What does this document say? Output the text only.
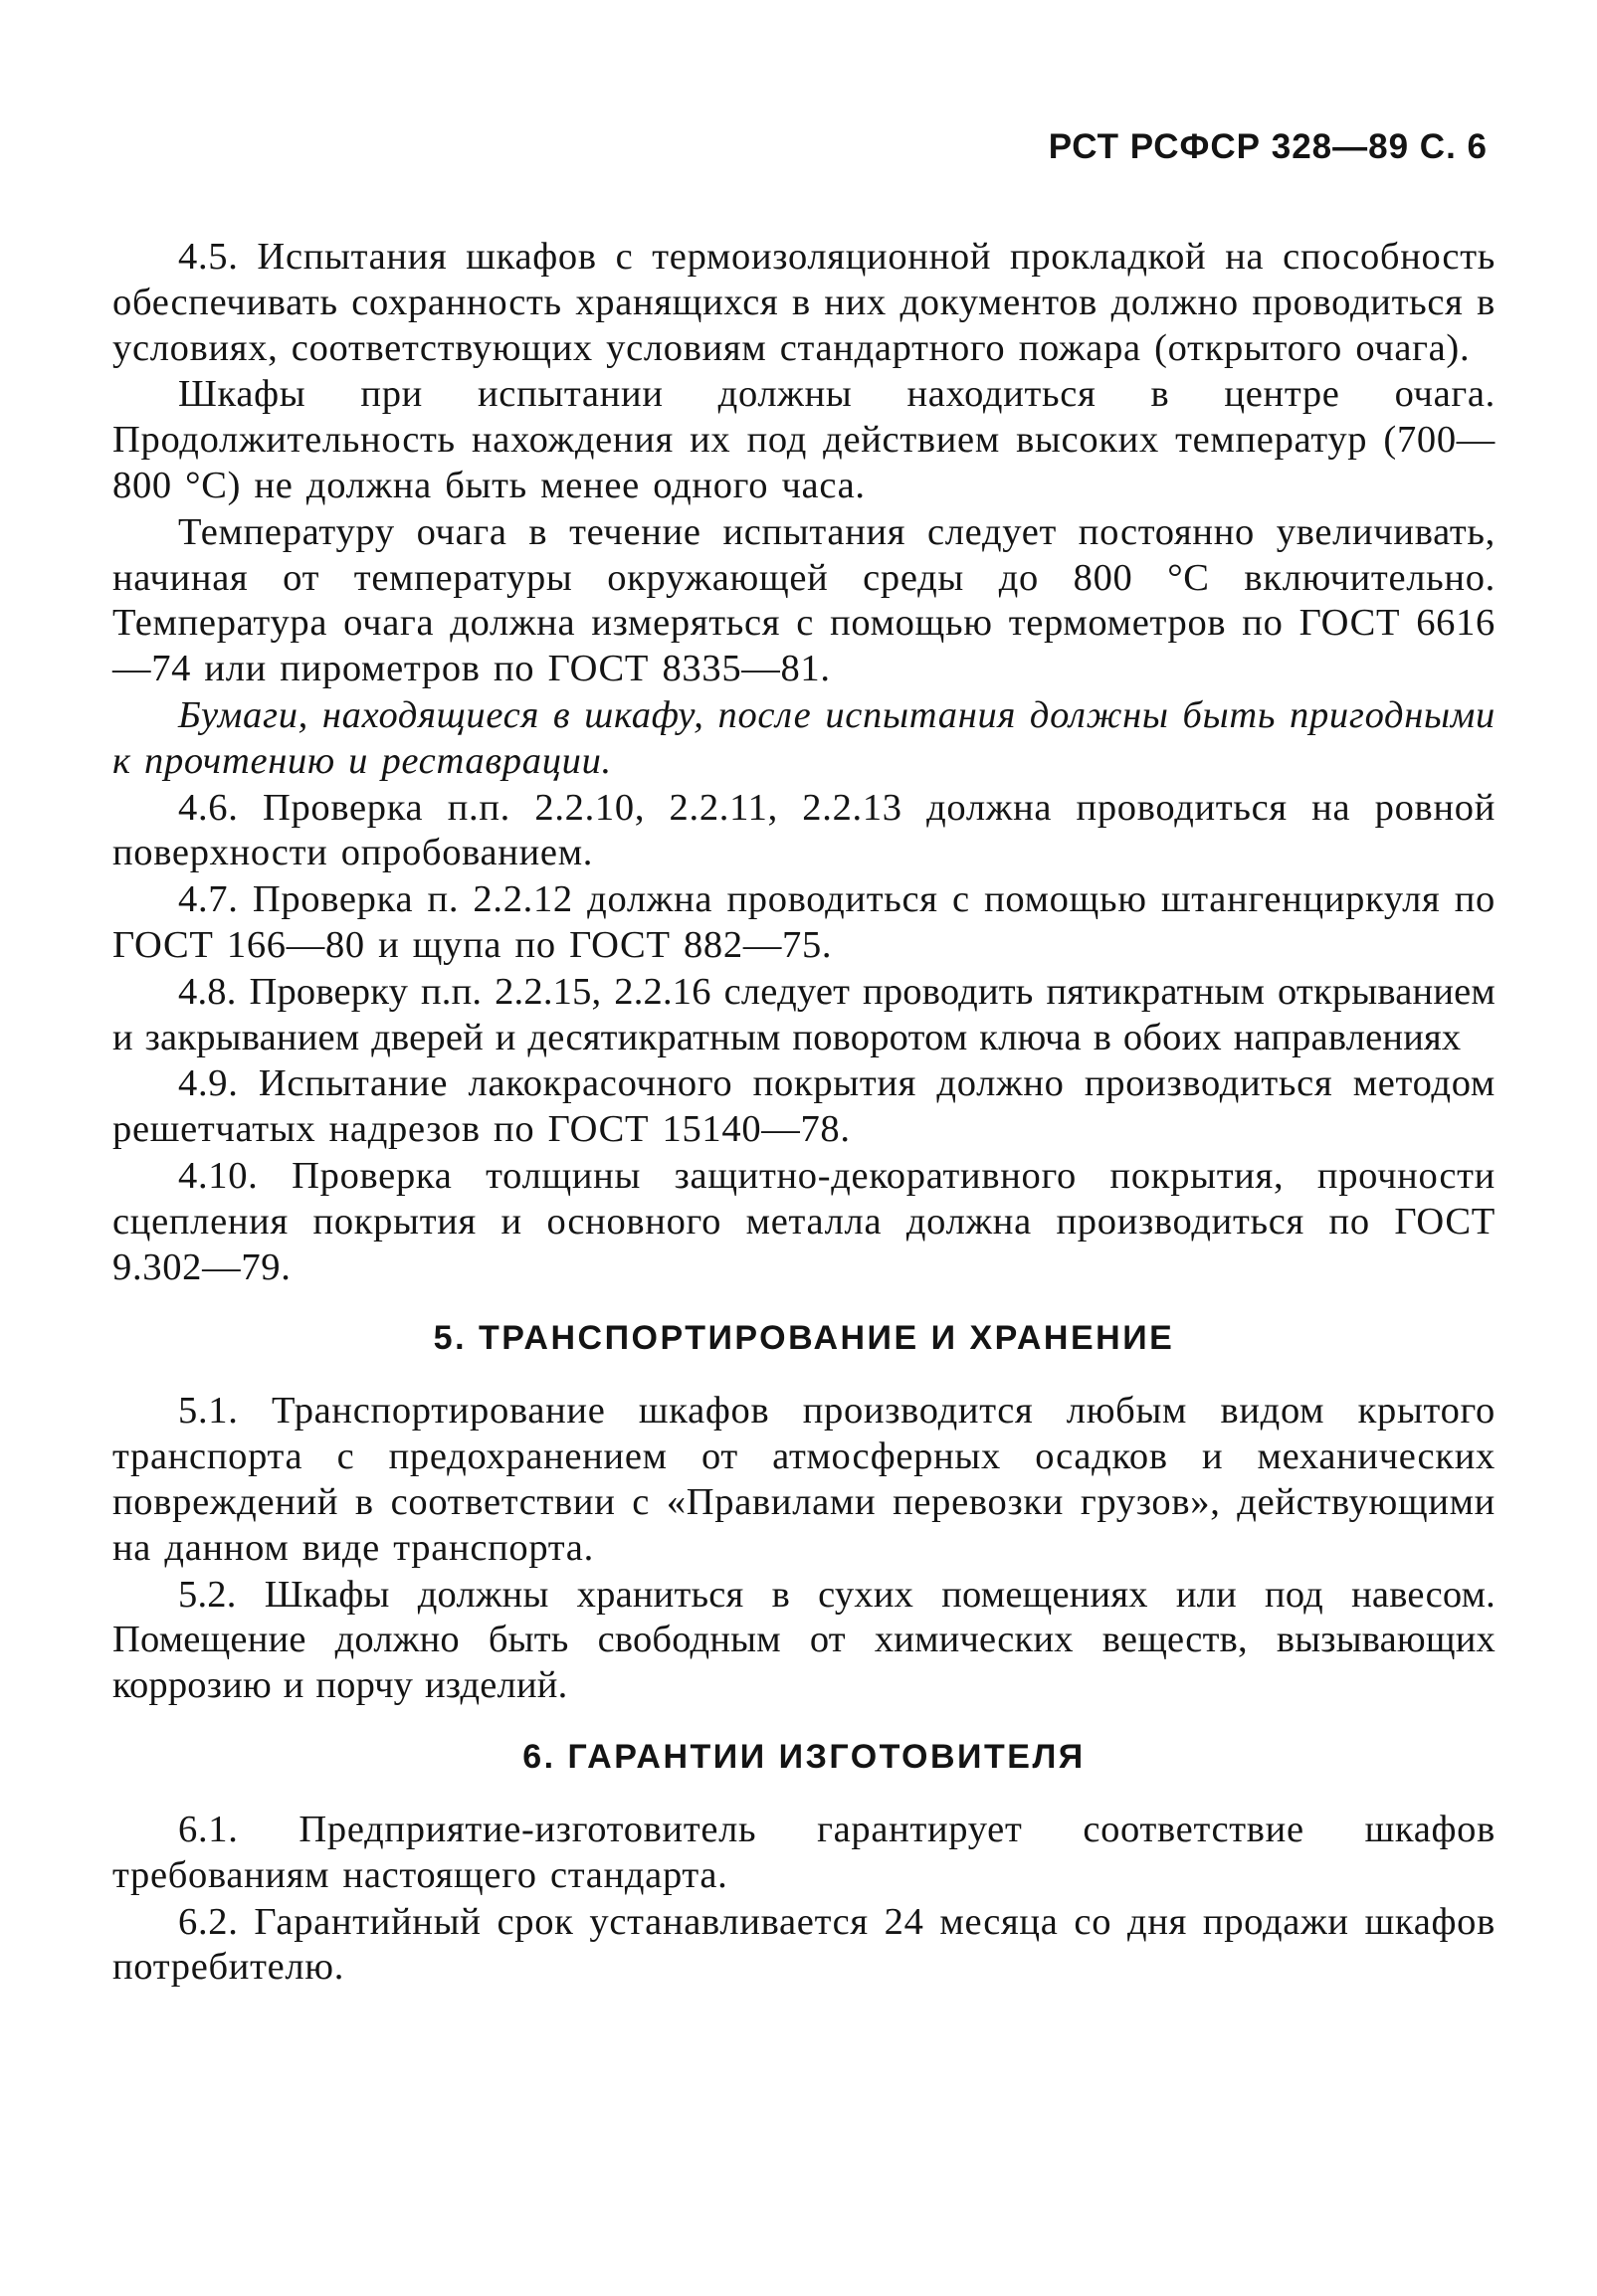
РСТ РСФСР 328—89 С. 6

4.5. Испытания шкафов с термоизоляционной прокладкой на способность обеспечивать сохранность хранящихся в них документов должно проводиться в условиях, соответствующих условиям стандартного пожара (открытого очага).

Шкафы при испытании должны находиться в центре очага. Продолжительность нахождения их под действием высоких температур (700—800 °С) не должна быть менее одного часа.

Температуру очага в течение испытания следует постоянно увеличивать, начиная от температуры окружающей среды до 800 °С включительно. Температура очага должна измеряться с помощью термометров по ГОСТ 6616—74 или пирометров по ГОСТ 8335—81.

Бумаги, находящиеся в шкафу, после испытания должны быть пригодными к прочтению и реставрации.

4.6. Проверка п.п. 2.2.10, 2.2.11, 2.2.13 должна проводиться на ровной поверхности опробованием.

4.7. Проверка п. 2.2.12 должна проводиться с помощью штангенциркуля по ГОСТ 166—80 и щупа по ГОСТ 882—75.

4.8. Проверку п.п. 2.2.15, 2.2.16 следует проводить пятикратным открыванием и закрыванием дверей и десятикратным поворотом ключа в обоих направлениях

4.9. Испытание лакокрасочного покрытия должно производиться методом решетчатых надрезов по ГОСТ 15140—78.

4.10. Проверка толщины защитно-декоративного покрытия, прочности сцепления покрытия и основного металла должна производиться по ГОСТ 9.302—79.

5. ТРАНСПОРТИРОВАНИЕ И ХРАНЕНИЕ

5.1. Транспортирование шкафов производится любым видом крытого транспорта с предохранением от атмосферных осадков и механических повреждений в соответствии с «Правилами перевозки грузов», действующими на данном виде транспорта.

5.2. Шкафы должны храниться в сухих помещениях или под навесом. Помещение должно быть свободным от химических веществ, вызывающих коррозию и порчу изделий.

6. ГАРАНТИИ ИЗГОТОВИТЕЛЯ

6.1. Предприятие-изготовитель гарантирует соответствие шкафов требованиям настоящего стандарта.

6.2. Гарантийный срок устанавливается 24 месяца со дня продажи шкафов потребителю.
